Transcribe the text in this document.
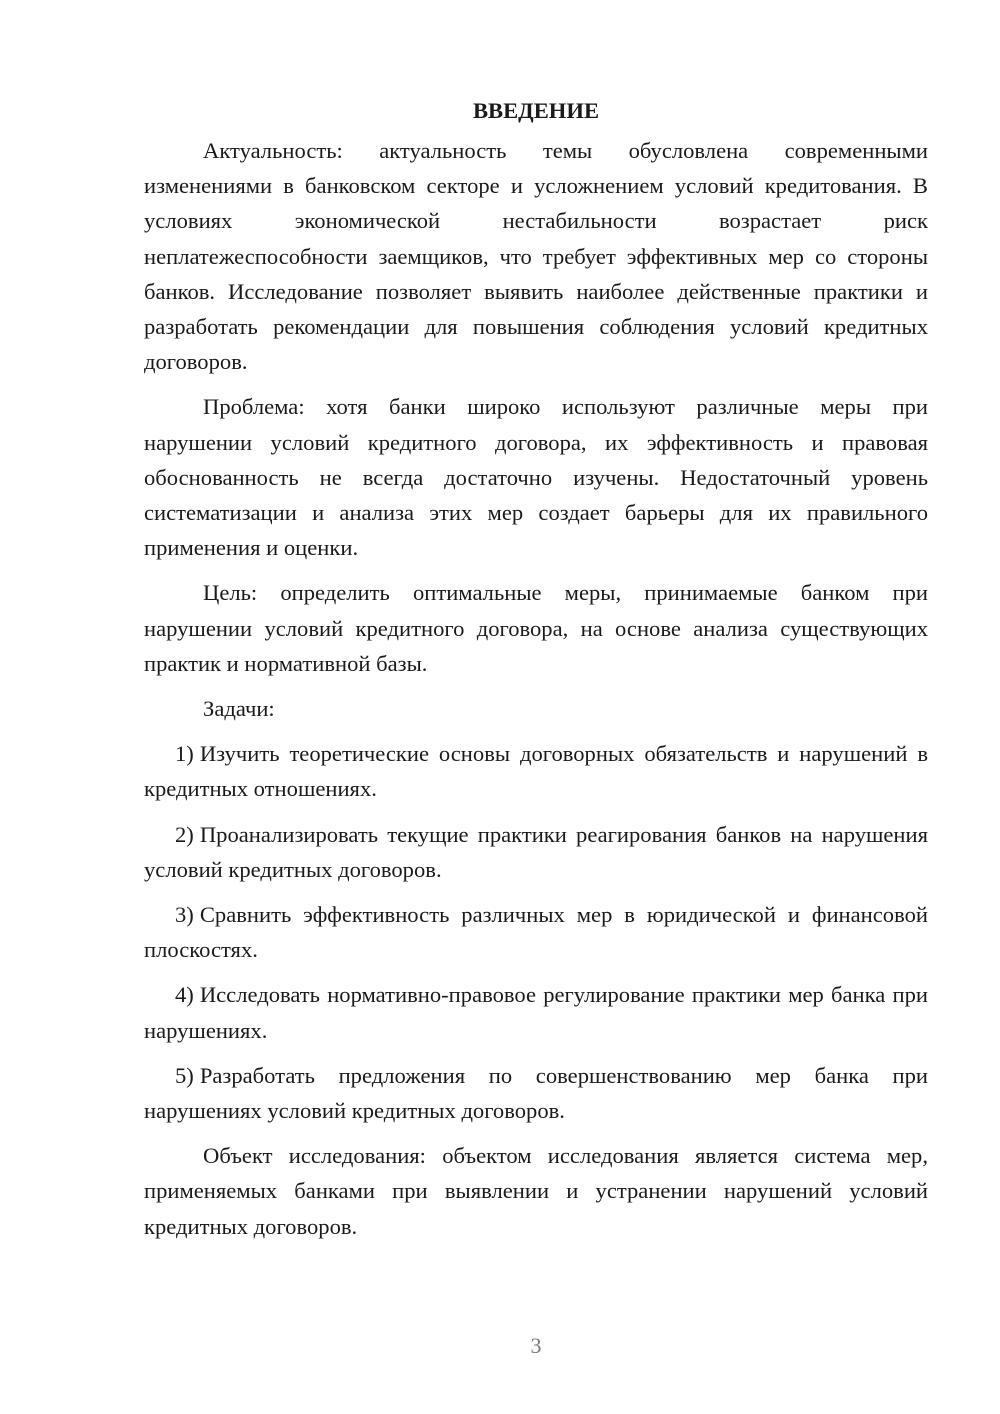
ВВЕДЕНИЕ

Актуальность: актуальность темы обусловлена современными изменениями в банковском секторе и усложнением условий кредитования. В условиях экономической нестабильности возрастает риск неплатежеспособности заемщиков, что требует эффективных мер со стороны банков. Исследование позволяет выявить наиболее действенные практики и разработать рекомендации для повышения соблюдения условий кредитных договоров.

Проблема: хотя банки широко используют различные меры при нарушении условий кредитного договора, их эффективность и правовая обоснованность не всегда достаточно изучены. Недостаточный уровень систематизации и анализа этих мер создает барьеры для их правильного применения и оценки.

Цель: определить оптимальные меры, принимаемые банком при нарушении условий кредитного договора, на основе анализа существующих практик и нормативной базы.

Задачи:

1) Изучить теоретические основы договорных обязательств и нарушений в кредитных отношениях.
2) Проанализировать текущие практики реагирования банков на нарушения условий кредитных договоров.
3) Сравнить эффективность различных мер в юридической и финансовой плоскостях.
4) Исследовать нормативно-правовое регулирование практики мер банка при нарушениях.
5) Разработать предложения по совершенствованию мер банка при нарушениях условий кредитных договоров.

Объект исследования: объектом исследования является система мер, применяемых банками при выявлении и устранении нарушений условий кредитных договоров.

3
